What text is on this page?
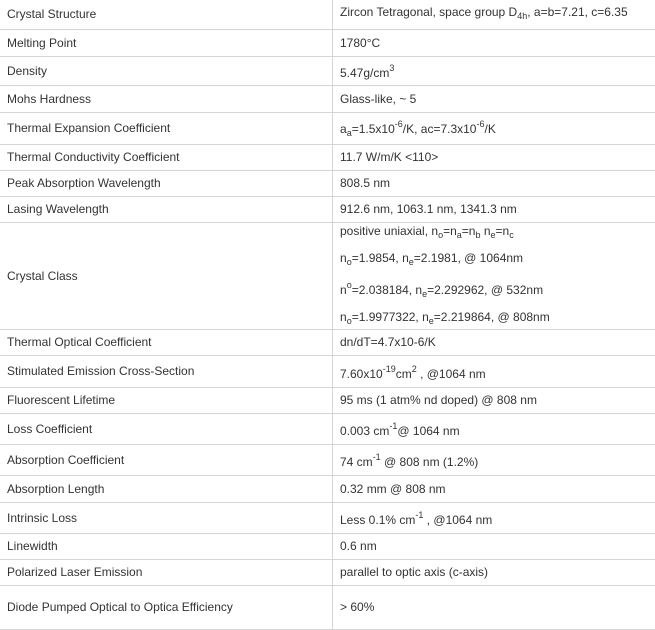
Crystal Structure	Zircon Tetragonal, space group $D_{4h}$, a=b=7.21, c=6.35
Melting Point	1780°C
Density	$5.47g/cm^3$
Mohs Hardness	Glass-like, ~ 5
Thermal Expansion Coefficient	$a_a=1.5x10^{-6}/K$, $ac=7.3x10^{-6}/K$
Thermal Conductivity Coefficient	11.7 W/m/K <110>
Peak Absorption Wavelength	808.5 nm
Lasing Wavelength	912.6 nm, 1063.1 nm, 1341.3 nm
Crystal Class	positive uniaxial, $n_o=n_a=n_b$ $n_e=n_c$
$n_o=1.9854$, $n_e=2.1981$, @ 1064nm
$n^o=2.038184$, $n_e=2.292962$, @ 532nm
$n_o=1.9977322$, $n_e=2.219864$, @ 808nm

Thermal Optical Coefficient	dn/dT=4.7x10-6/K
Stimulated Emission Cross-Section	$7.60x10^{-19}cm^2$ , @1064 nm
Fluorescent Lifetime	95 ms (1 atm% nd doped) @ 808 nm
Loss Coefficient	0.003 $cm^{-1}@$ 1064 nm
Absorption Coefficient	74 $cm^{-1}$ @ 808 nm (1.2%)
Absorption Length	0.32 mm @ 808 nm
Intrinsic Loss	Less 0.1% $cm^{-1}$ , @1064 nm
Linewidth	0.6 nm
Polarized Laser Emission	parallel to optic axis (c-axis)
Diode Pumped Optical to Optica Efficiency	> 60%
